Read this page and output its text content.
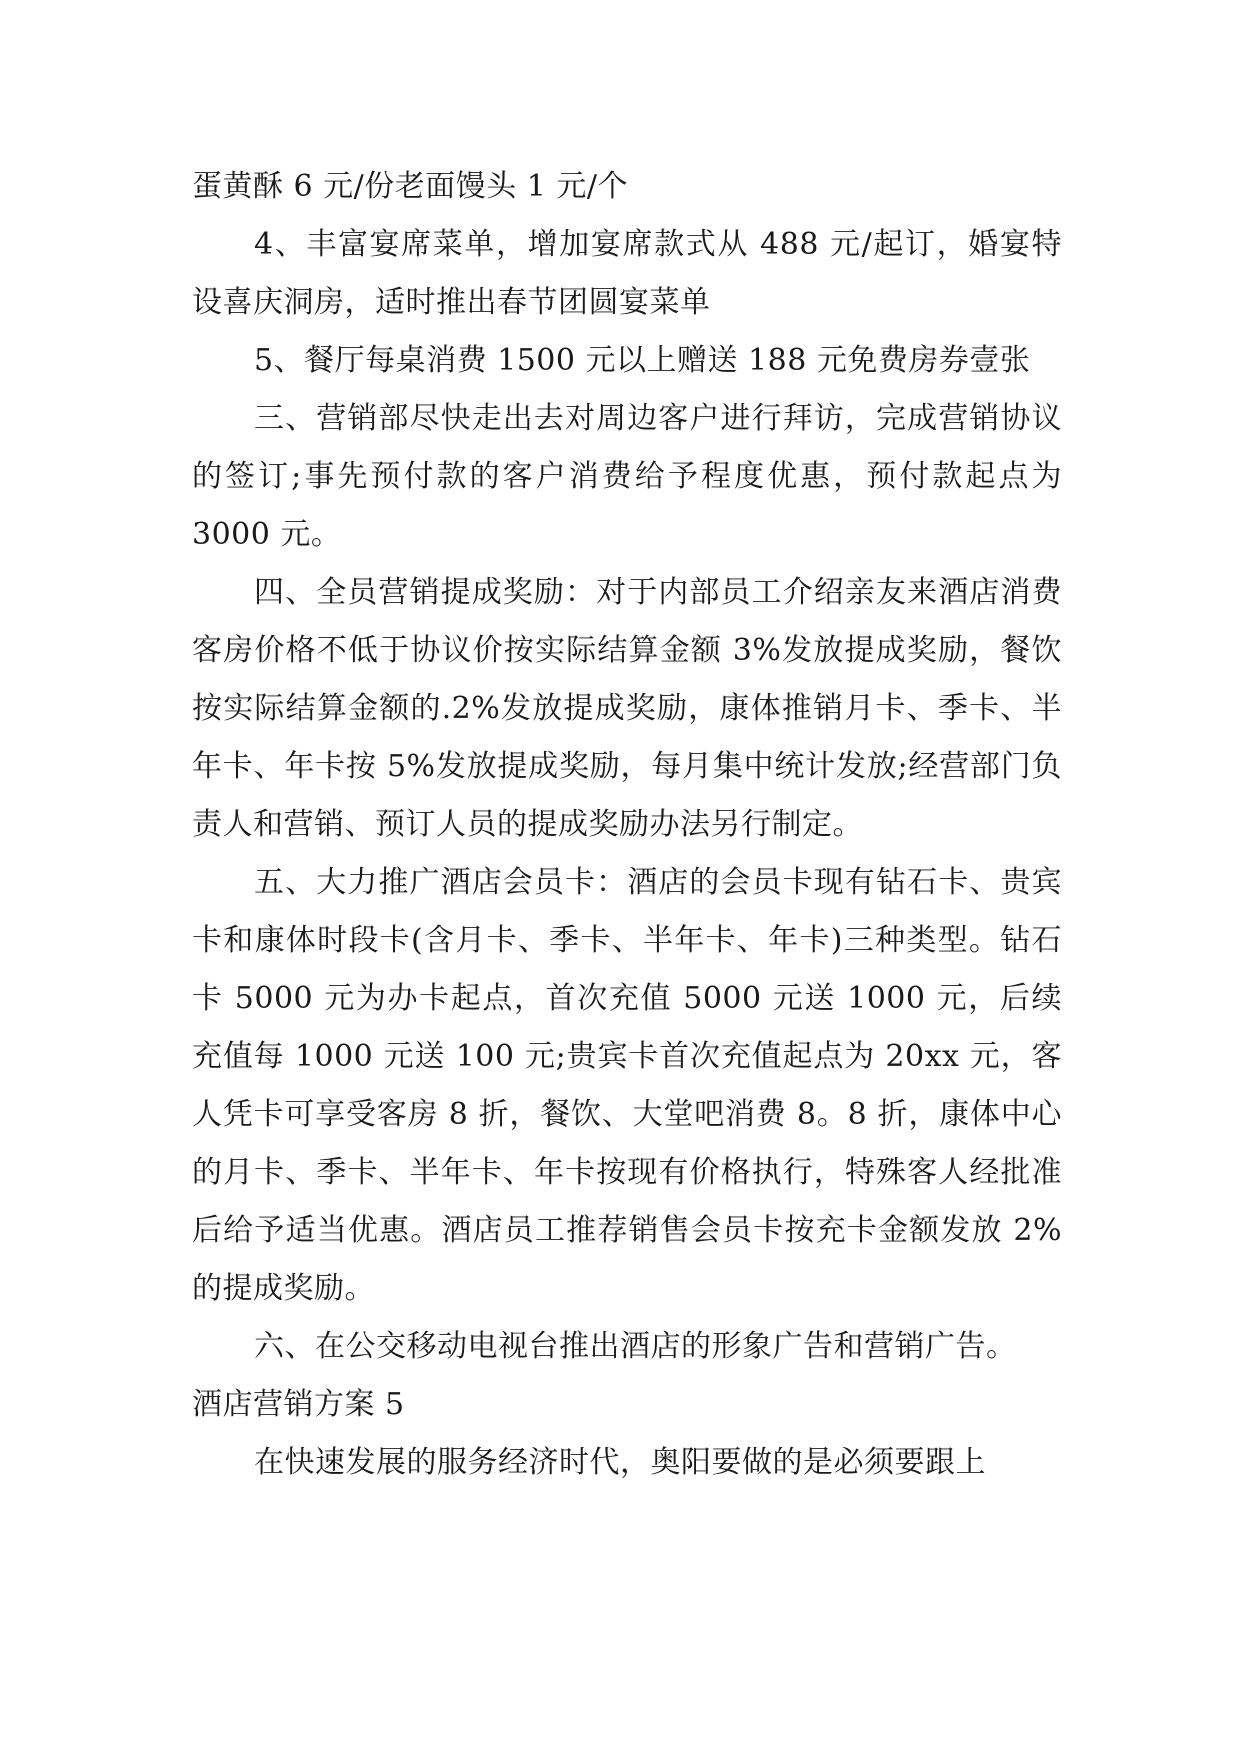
蛋黄酥 6 元/份老面馒头 1 元/个

4、丰富宴席菜单，增加宴席款式从 488 元/起订，婚宴特设喜庆洞房，适时推出春节团圆宴菜单

5、餐厅每桌消费 1500 元以上赠送 188 元免费房券壹张

三、营销部尽快走出去对周边客户进行拜访，完成营销协议的签订;事先预付款的客户消费给予程度优惠，预付款起点为 3000 元。

四、全员营销提成奖励：对于内部员工介绍亲友来酒店消费客房价格不低于协议价按实际结算金额 3%发放提成奖励，餐饮按实际结算金额的.2%发放提成奖励，康体推销月卡、季卡、半年卡、年卡按 5%发放提成奖励，每月集中统计发放;经营部门负责人和营销、预订人员的提成奖励办法另行制定。

五、大力推广酒店会员卡：酒店的会员卡现有钻石卡、贵宾卡和康体时段卡(含月卡、季卡、半年卡、年卡)三种类型。钻石卡 5000 元为办卡起点，首次充值 5000 元送 1000 元，后续充值每 1000 元送 100 元;贵宾卡首次充值起点为 20xx 元，客人凭卡可享受客房 8 折，餐饮、大堂吧消费 8。8 折，康体中心的月卡、季卡、半年卡、年卡按现有价格执行，特殊客人经批准后给予适当优惠。酒店员工推荐销售会员卡按充卡金额发放 2%的提成奖励。

六、在公交移动电视台推出酒店的形象广告和营销广告。

酒店营销方案 5

在快速发展的服务经济时代，奥阳要做的是必须要跟上
